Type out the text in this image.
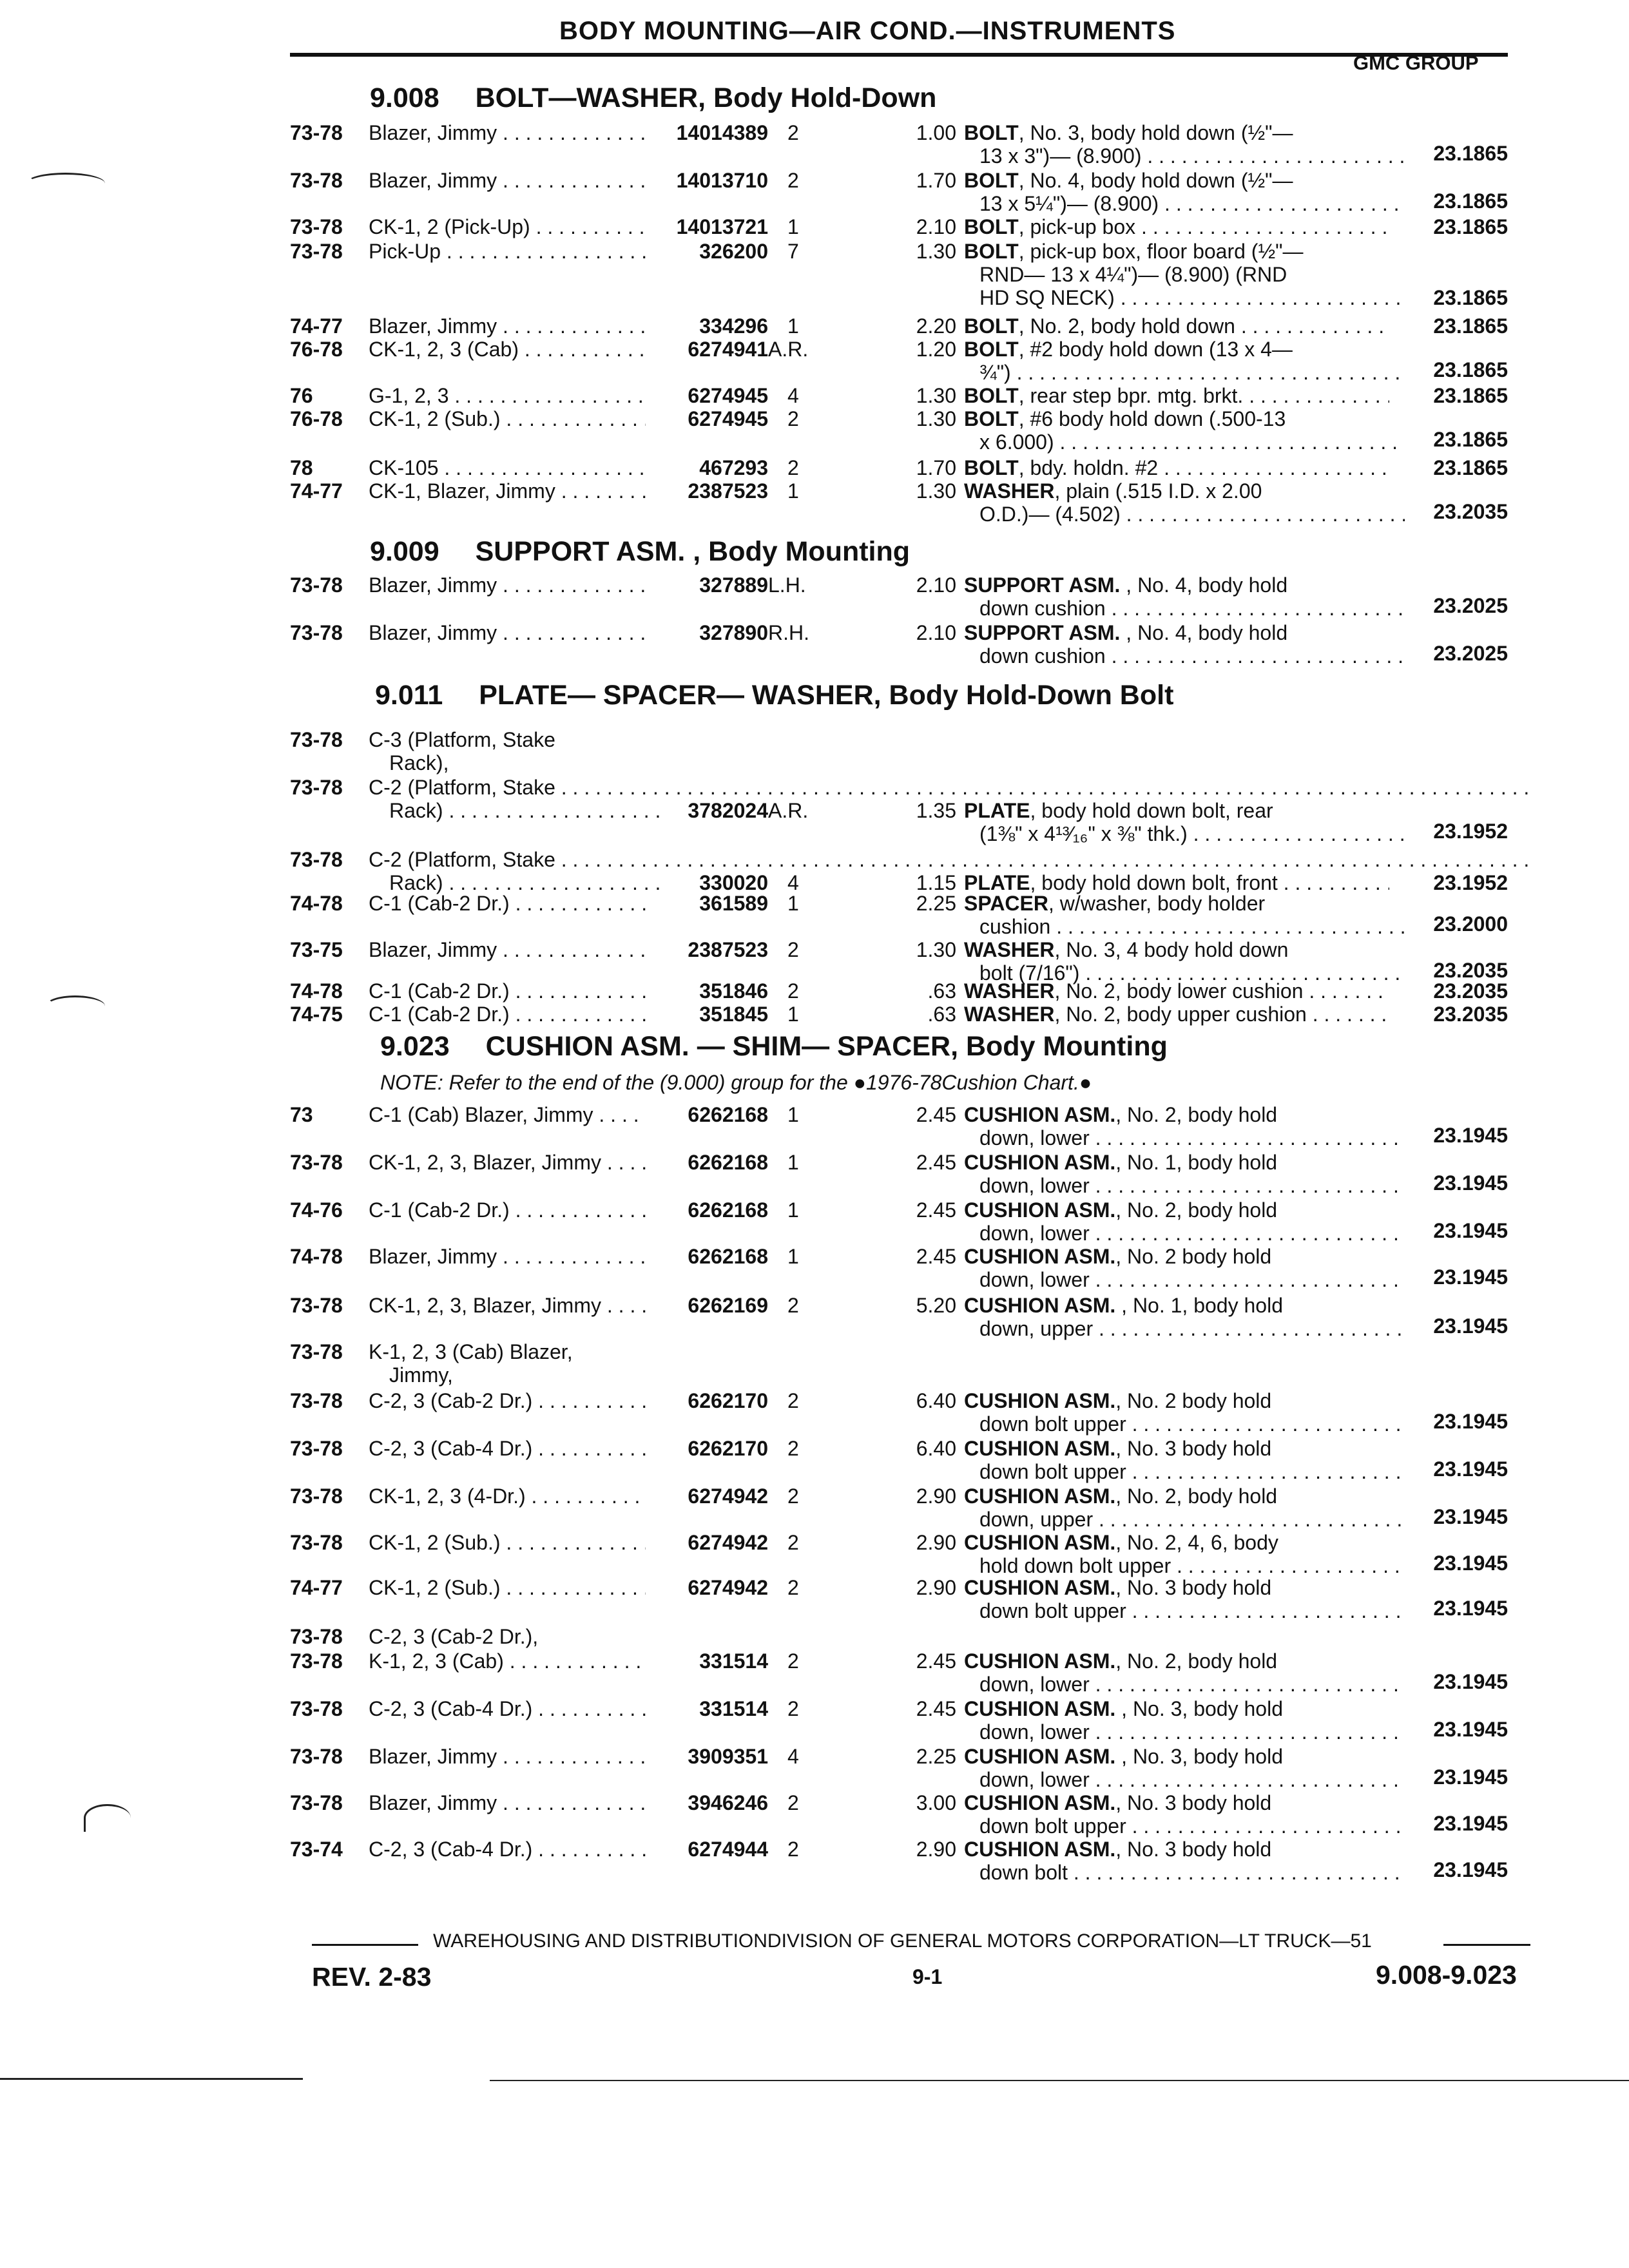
BODY MOUNTING—AIR COND.—INSTRUMENTS
GMC GROUP
9.008 BOLT—WASHER, Body Hold-Down
73-78	Blazer, Jimmy . . .	14014389 2	1.00 BOLT, No. 3, body hold down (½"—
13 x 3")— (8.900) . . .	23.1865
73-78	Blazer, Jimmy . . .	14013710 2	1.70 BOLT, No. 4, body hold down (½"—
13 x 5¼")— (8.900) . . .	23.1865
73-78	CK-1, 2 (Pick-Up) . . .	14013721 1	2.10 BOLT, pick-up box . . .	23.1865
73-78	Pick-Up . . .	326200 7	1.30 BOLT, pick-up box, floor board (½"—
RND— 13 x 4¼")— (8.900) (RND
HD SQ NECK) . . .	23.1865
74-77	Blazer, Jimmy . . .	334296 1	2.20 BOLT, No. 2, body hold down . . .	23.1865
76-78	CK-1, 2, 3 (Cab) . . .	6274941 A.R.	1.20 BOLT, #2 body hold down (13 x 4—
¾") . . .	23.1865
76	G-1, 2, 3 . . .	6274945 4	1.30 BOLT, rear step bpr. mtg. brkt. . . .	23.1865
76-78	CK-1, 2 (Sub.) . . .	6274945 2	1.30 BOLT, #6 body hold down (.500-13
x 6.000) . . .	23.1865
78	CK-105 . . .	467293 2	1.70 BOLT, bdy. holdn. #2 . . .	23.1865
74-77	CK-1, Blazer, Jimmy . . .	2387523 1	1.30 WASHER, plain (.515 I.D. x 2.00
O.D.)— (4.502) . . .	23.2035
9.009 SUPPORT ASM. , Body Mounting
73-78	Blazer, Jimmy . . .	327889 L.H.	2.10 SUPPORT ASM. , No. 4, body hold
down cushion . . .	23.2025
73-78	Blazer, Jimmy . . .	327890 R.H.	2.10 SUPPORT ASM. , No. 4, body hold
down cushion . . .	23.2025
9.011 PLATE— SPACER— WASHER, Body Hold-Down Bolt
73-78	C-3 (Platform, Stake
Rack),
73-78	C-2 (Platform, Stake . . .
Rack) . . .	3782024 A.R.	1.35 PLATE, body hold down bolt, rear
(1⅜" x 4¹³⁄₁₆" x ⅜" thk.) . . .	23.1952
73-78	C-2 (Platform, Stake . . .
Rack) . . .	330020 4	1.15 PLATE, body hold down bolt, front . . .	23.1952
74-78	C-1 (Cab-2 Dr.) . . .	361589 1	2.25 SPACER, w/washer, body holder
cushion . . .	23.2000
73-75	Blazer, Jimmy . . .	2387523 2	1.30 WASHER, No. 3, 4 body hold down
bolt (7/16") . . .	23.2035
74-78	C-1 (Cab-2 Dr.) . . .	351846 2	.63 WASHER, No. 2, body lower cushion . . .	23.2035
74-75	C-1 (Cab-2 Dr.) . . .	351845 1	.63 WASHER, No. 2, body upper cushion . . .	23.2035
9.023 CUSHION ASM. — SHIM— SPACER, Body Mounting
NOTE: Refer to the end of the (9.000) group for the ●1976-78Cushion Chart.●
73	C-1 (Cab) Blazer, Jimmy . . . .	6262168 1	2.45 CUSHION ASM., No. 2, body hold
down, lower . . .	23.1945
73-78	CK-1, 2, 3, Blazer, Jimmy . . .	6262168 1	2.45 CUSHION ASM., No. 1, body hold
down, lower . . .	23.1945
74-76	C-1 (Cab-2 Dr.) . . .	6262168 1	2.45 CUSHION ASM., No. 2, body hold
down, lower . . .	23.1945
74-78	Blazer, Jimmy . . .	6262168 1	2.45 CUSHION ASM., No. 2 body hold
down, lower . . .	23.1945
73-78	CK-1, 2, 3, Blazer, Jimmy . . .	6262169 2	5.20 CUSHION ASM. , No. 1, body hold
down, upper . . .	23.1945
73-78	K-1, 2, 3 (Cab) Blazer,
Jimmy,
73-78	C-2, 3 (Cab-2 Dr.) . . .	6262170 2	6.40 CUSHION ASM., No. 2 body hold
down bolt upper . . .	23.1945
73-78	C-2, 3 (Cab-4 Dr.) . . .	6262170 2	6.40 CUSHION ASM., No. 3 body hold
down bolt upper . . .	23.1945
73-78	CK-1, 2, 3 (4-Dr.) . . .	6274942 2	2.90 CUSHION ASM., No. 2, body hold
down, upper . . .	23.1945
73-78	CK-1, 2 (Sub.) . . .	6274942 2	2.90 CUSHION ASM., No. 2, 4, 6, body
hold down bolt upper . . .	23.1945
74-77	CK-1, 2 (Sub.) . . .	6274942 2	2.90 CUSHION ASM., No. 3 body hold
down bolt upper . . .	23.1945
73-78	C-2, 3 (Cab-2 Dr.),
73-78	K-1, 2, 3 (Cab) . . .	331514 2	2.45 CUSHION ASM., No. 2, body hold
down, lower . . .	23.1945
73-78	C-2, 3 (Cab-4 Dr.) . . .	331514 2	2.45 CUSHION ASM. , No. 3, body hold
down, lower . . .	23.1945
73-78	Blazer, Jimmy . . .	3909351 4	2.25 CUSHION ASM. , No. 3, body hold
down, lower . . .	23.1945
73-78	Blazer, Jimmy . . .	3946246 2	3.00 CUSHION ASM., No. 3 body hold
down bolt upper . . .	23.1945
73-74	C-2, 3 (Cab-4 Dr.) . . .	6274944 2	2.90 CUSHION ASM., No. 3 body hold
down bolt . . .	23.1945
WAREHOUSING AND DISTRIBUTIONDIVISION OF GENERAL MOTORS CORPORATION—LT TRUCK—51
REV. 2-83	9-1	9.008-9.023
